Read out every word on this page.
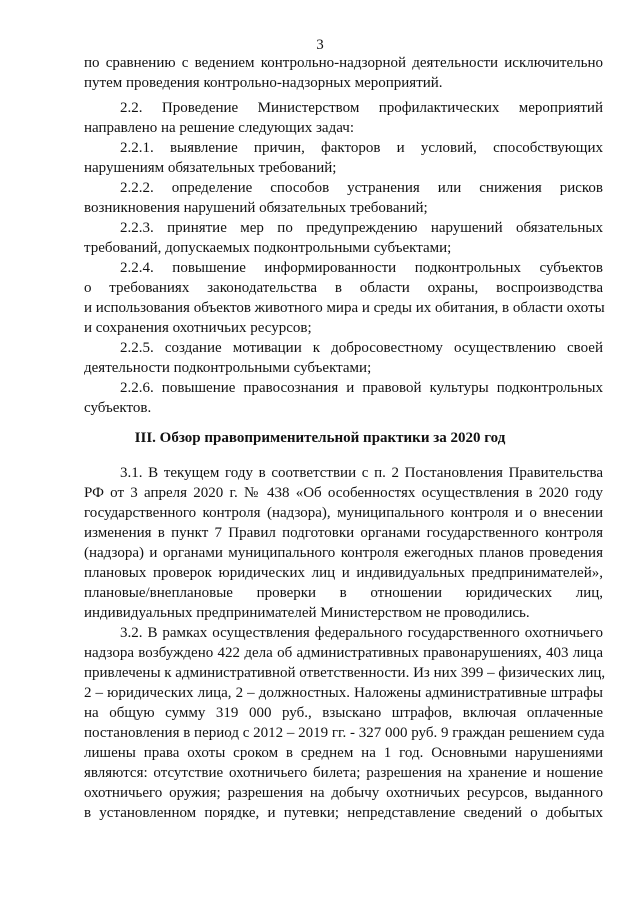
3
по сравнению с ведением контрольно-надзорной деятельности исключительно
путем проведения контрольно-надзорных мероприятий.
2.2. Проведение Министерством профилактических мероприятий
направлено на решение следующих задач:
2.2.1. выявление причин, факторов и условий, способствующих
нарушениям обязательных требований;
2.2.2. определение способов устранения или снижения рисков
возникновения нарушений обязательных требований;
2.2.3. принятие мер по предупреждению нарушений обязательных
требований, допускаемых подконтрольными субъектами;
2.2.4. повышение информированности подконтрольных субъектов
о требованиях законодательства в области охраны, воспроизводства
и использования объектов животного мира и среды их обитания, в области охоты
и сохранения охотничьих ресурсов;
2.2.5. создание мотивации к добросовестному осуществлению своей
деятельности подконтрольными субъектами;
2.2.6. повышение правосознания и правовой культуры подконтрольных
субъектов.
III. Обзор правоприменительной практики за 2020 год
3.1. В текущем году в соответствии с п. 2 Постановления Правительства
РФ от 3 апреля 2020 г. № 438 «Об особенностях осуществления в 2020 году
государственного контроля (надзора), муниципального контроля и о внесении
изменения в пункт 7 Правил подготовки органами государственного контроля
(надзора) и органами муниципального контроля ежегодных планов проведения
плановых проверок юридических лиц и индивидуальных предпринимателей»,
плановые/внеплановые проверки в отношении юридических лиц,
индивидуальных предпринимателей Министерством не проводились.
3.2. В рамках осуществления федерального государственного охотничьего
надзора возбуждено 422 дела об административных правонарушениях, 403 лица
привлечены к административной ответственности. Из них 399 – физических лиц,
2 – юридических лица, 2 – должностных. Наложены административные штрафы
на общую сумму 319 000 руб., взыскано штрафов, включая оплаченные
постановления в период с 2012 – 2019 гг. - 327 000 руб. 9 граждан решением суда
лишены права охоты сроком в среднем на 1 год. Основными нарушениями
являются: отсутствие охотничьего билета; разрешения на хранение и ношение
охотничьего оружия; разрешения на добычу охотничьих ресурсов, выданного
в установленном порядке, и путевки; непредставление сведений о добытых
